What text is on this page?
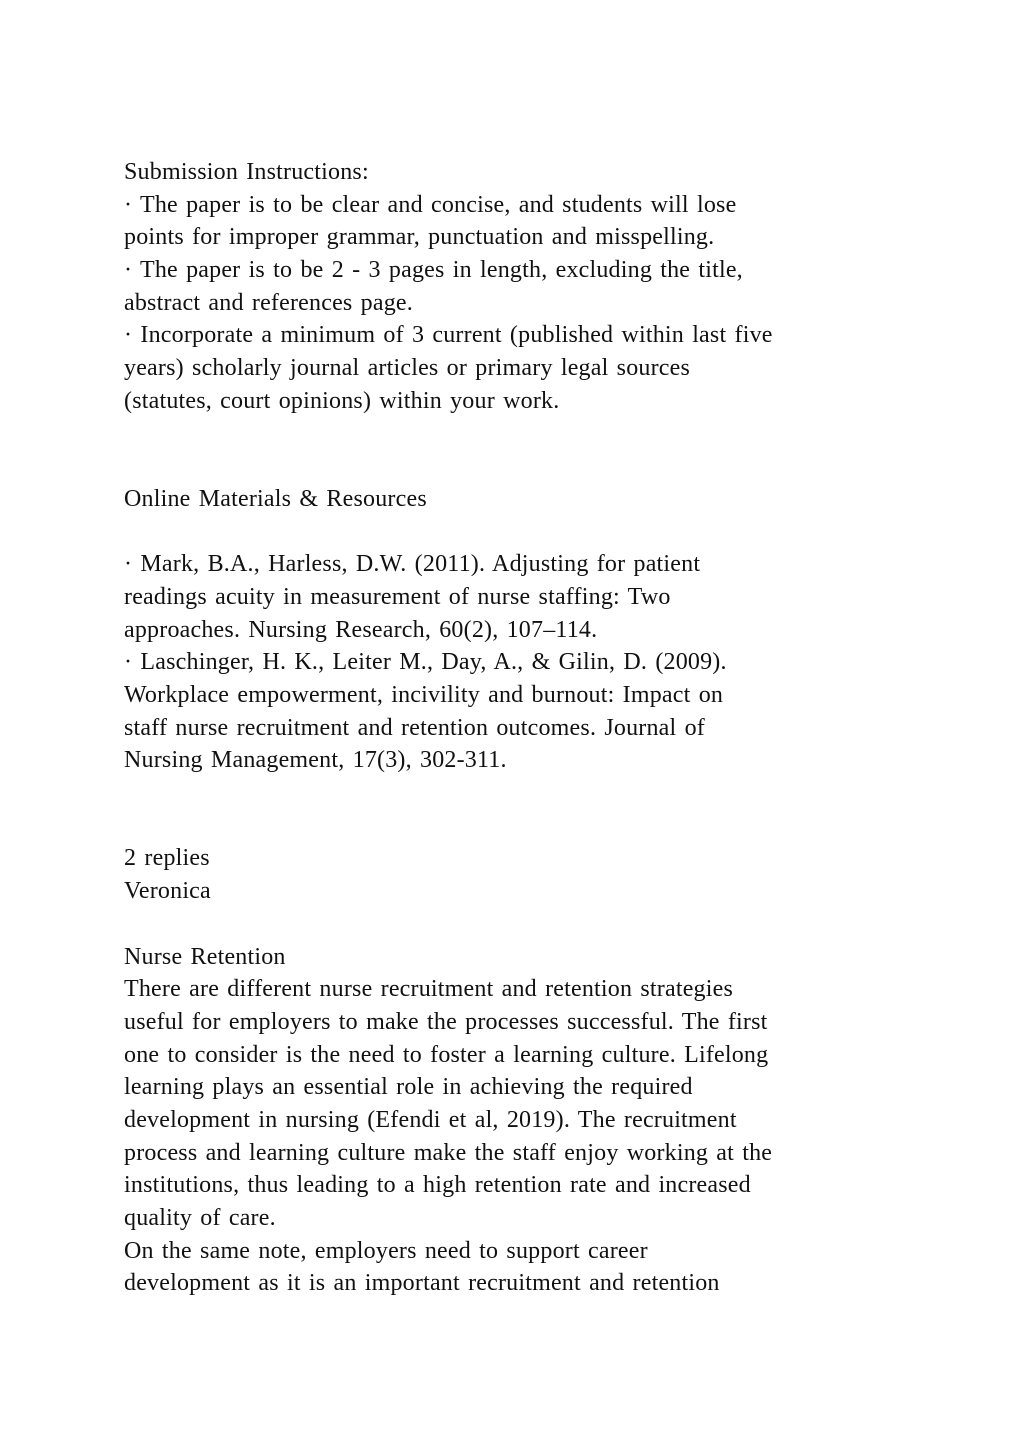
Submission Instructions:
· The paper is to be clear and concise, and students will lose
points for improper grammar, punctuation and misspelling.
· The paper is to be 2 - 3 pages in length, excluding the title,
abstract and references page.
· Incorporate a minimum of 3 current (published within last five
years) scholarly journal articles or primary legal sources
(statutes, court opinions) within your work.
Online Materials & Resources
· Mark, B.A., Harless, D.W. (2011). Adjusting for patient
readings acuity in measurement of nurse staffing: Two
approaches. Nursing Research, 60(2), 107–114.
· Laschinger, H. K., Leiter M., Day, A., & Gilin, D. (2009).
Workplace empowerment, incivility and burnout: Impact on
staff nurse recruitment and retention outcomes. Journal of
Nursing Management, 17(3), 302-311.
2 replies
Veronica
Nurse Retention
There are different nurse recruitment and retention strategies
useful for employers to make the processes successful. The first
one to consider is the need to foster a learning culture. Lifelong
learning plays an essential role in achieving the required
development in nursing (Efendi et al, 2019). The recruitment
process and learning culture make the staff enjoy working at the
institutions, thus leading to a high retention rate and increased
quality of care.
On the same note, employers need to support career
development as it is an important recruitment and retention
